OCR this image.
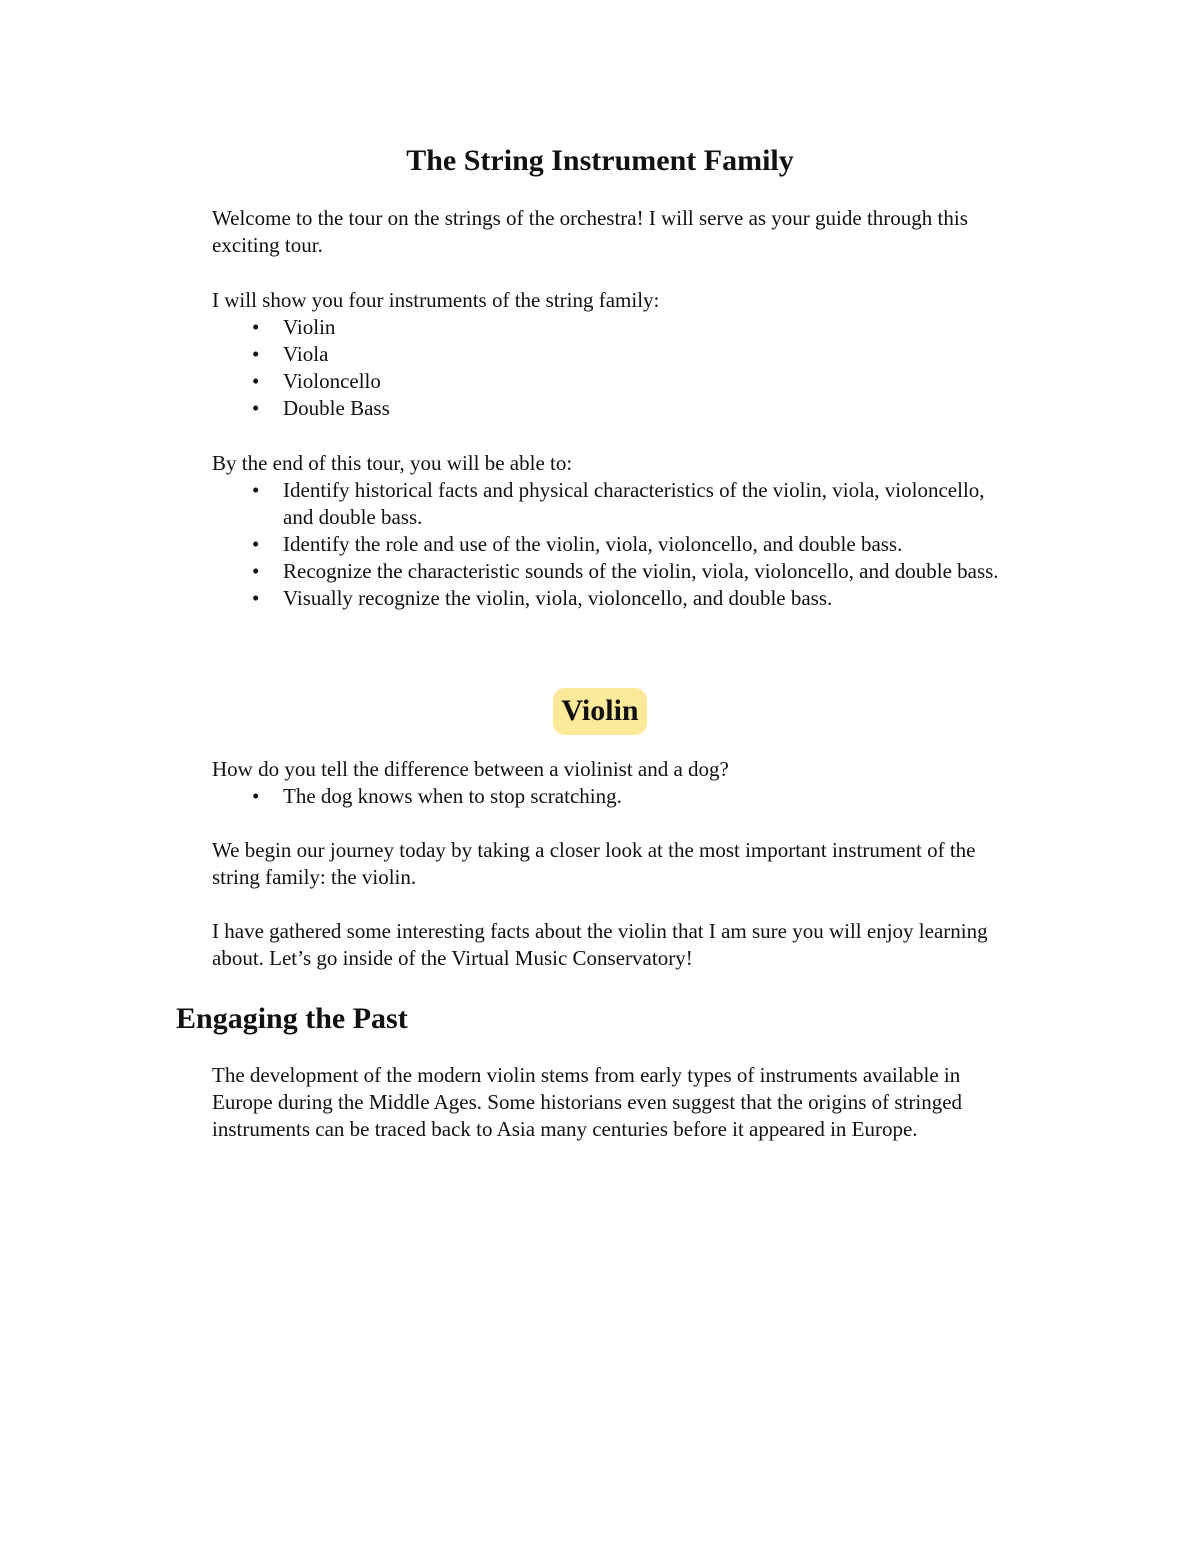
The String Instrument Family

Welcome to the tour on the strings of the orchestra! I will serve as your guide through this exciting tour.

I will show you four instruments of the string family:

• Violin
• Viola
• Violoncello
• Double Bass

By the end of this tour, you will be able to:

• Identify historical facts and physical characteristics of the violin, viola, violoncello, and double bass.
• Identify the role and use of the violin, viola, violoncello, and double bass.
• Recognize the characteristic sounds of the violin, viola, violoncello, and double bass.
• Visually recognize the violin, viola, violoncello, and double bass.
Violin

How do you tell the difference between a violinist and a dog?

• The dog knows when to stop scratching.

We begin our journey today by taking a closer look at the most important instrument of the string family: the violin.

I have gathered some interesting facts about the violin that I am sure you will enjoy learning about. Let’s go inside of the Virtual Music Conservatory!

Engaging the Past

The development of the modern violin stems from early types of instruments available in Europe during the Middle Ages. Some historians even suggest that the origins of stringed instruments can be traced back to Asia many centuries before it appeared in Europe.
